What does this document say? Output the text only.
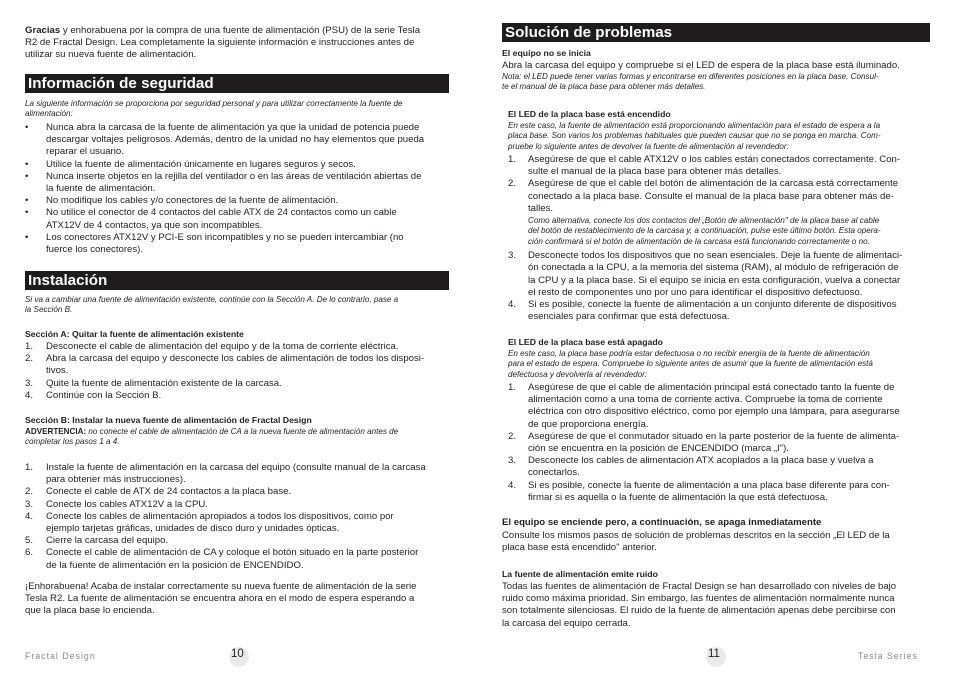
Gracias y enhorabuena por la compra de una fuente de alimentación (PSU) de la serie Tesla
R2 de Fractal Design. Lea completamente la siguiente información e instrucciones antes de
utilizar su nueva fuente de alimentación.
Información de seguridad
La siguiente información se proporciona por seguridad personal y para utilizar correctamente la fuente de
alimentación:
• Nunca abra la carcasa de la fuente de alimentación ya que la unidad de potencia puede
descargar voltajes peligrosos. Además, dentro de la unidad no hay elementos que pueda
reparar el usuario.
• Utilice la fuente de alimentación únicamente en lugares seguros y secos.
• Nunca inserte objetos en la rejilla del ventilador o en las áreas de ventilación abiertas de
la fuente de alimentación.
• No modifique los cables y/o conectores de la fuente de alimentación.
• No utilice el conector de 4 contactos del cable ATX de 24 contactos como un cable
ATX12V de 4 contactos, ya que son incompatibles.
• Los conectores ATX12V y PCI-E son incompatibles y no se pueden intercambiar (no
fuerce los conectores).
Instalación
Si va a cambiar una fuente de alimentación existente, continúe con la Sección A. De lo contrario, pase a
la Sección B.
Sección A: Quitar la fuente de alimentación existente
1. Desconecte el cable de alimentación del equipo y de la toma de corriente eléctrica.
2. Abra la carcasa del equipo y desconecte los cables de alimentación de todos los disposi-
tivos.
3. Quite la fuente de alimentación existente de la carcasa.
4. Continúe con la Sección B.
Sección B: Instalar la nueva fuente de alimentación de Fractal Design
ADVERTENCIA: no conecte el cable de alimentación de CA a la nueva fuente de alimentación antes de
completar los pasos 1 a 4.
1. Instale la fuente de alimentación en la carcasa del equipo (consulte manual de la carcasa
para obtener más instrucciones).
2. Conecte el cable de ATX de 24 contactos a la placa base.
3. Conecte los cables ATX12V a la CPU.
4. Conecte los cables de alimentación apropiados a todos los dispositivos, como por
ejemplo tarjetas gráficas, unidades de disco duro y unidades ópticas.
5. Cierre la carcasa del equipo.
6. Conecte el cable de alimentación de CA y coloque el botón situado en la parte posterior
de la fuente de alimentación en la posición de ENCENDIDO.
¡Enhorabuena! Acaba de instalar correctamente su nueva fuente de alimentación de la serie
Tesla R2. La fuente de alimentación se encuentra ahora en el modo de espera esperando a
que la placa base lo encienda.
Fractal Design	10
Solución de problemas
El equipo no se inicia
Abra la carcasa del equipo y compruebe si el LED de espera de la placa base está iluminado.
Nota: el LED puede tener varias formas y encontrarse en diferentes posiciones en la placa base. Consul-
te el manual de la placa base para obtener más detalles.
El LED de la placa base está encendido
En este caso, la fuente de alimentación está proporcionando alimentación para el estado de espera a la
placa base. Son varios los problemas habituales que pueden causar que no se ponga en marcha. Com-
pruebe lo siguiente antes de devolver la fuente de alimentación al revendedor:
1. Asegúrese de que el cable ATX12V o los cables están conectados correctamente. Con-
sulte el manual de la placa base para obtener más detalles.
2. Asegúrese de que el cable del botón de alimentación de la carcasa está correctamente
conectado a la placa base. Consulte el manual de la placa base para obtener más de-
talles.
Como alternativa, conecte los dos contactos del „Botón de alimentación" de la placa base al cable
del botón de restablecimiento de la carcasa y, a continuación, pulse este último botón. Esta opera-
ción confirmará si el botón de alimentación de la carcasa está funcionando correctamente o no.
3. Desconecte todos los dispositivos que no sean esenciales. Deje la fuente de alimentaci-
ón conectada a la CPU, a la memoria del sistema (RAM), al módulo de refrigeración de
la CPU y a la placa base. Si el equipo se inicia en esta configuración, vuelva a conectar
el resto de componentes uno por uno para identificar el dispositivo defectuoso.
4. Si es posible, conecte la fuente de alimentación a un conjunto diferente de dispositivos
esenciales para confirmar que está defectuosa.
El LED de la placa base está apagado
En este caso, la placa base podría estar defectuosa o no recibir energía de la fuente de alimentación
para el estado de espera. Compruebe lo siguiente antes de asumir que la fuente de alimentación está
defectuosa y devolverla al revendedor:
1. Asegúrese de que el cable de alimentación principal está conectado tanto la fuente de
alimentación como a una toma de corriente activa. Compruebe la toma de corriente
eléctrica con otro dispositivo eléctrico, como por ejemplo una lámpara, para asegurarse
de que proporciona energía.
2. Asegúrese de que el conmutador situado en la parte posterior de la fuente de alimenta-
ción se encuentra en la posición de ENCENDIDO (marca „I").
3. Desconecte los cables de alimentación ATX acoplados a la placa base y vuelva a
conectarlos.
4. Si es posible, conecte la fuente de alimentación a una placa base diferente para con-
firmar si es aquella o la fuente de alimentación la que está defectuosa.
El equipo se enciende pero, a continuación, se apaga inmediatamente
Consulte los mismos pasos de solución de problemas descritos en la sección „El LED de la
placa base está encendido" anterior.
La fuente de alimentación emite ruido
Todas las fuentes de alimentación de Fractal Design se han desarrollado con niveles de bajo
ruido como máxima prioridad. Sin embargo, las fuentes de alimentación normalmente nunca
son totalmente silenciosas. El ruido de la fuente de alimentación apenas debe percibirse con
la carcasa del equipo cerrada.
11	Tesla Series
